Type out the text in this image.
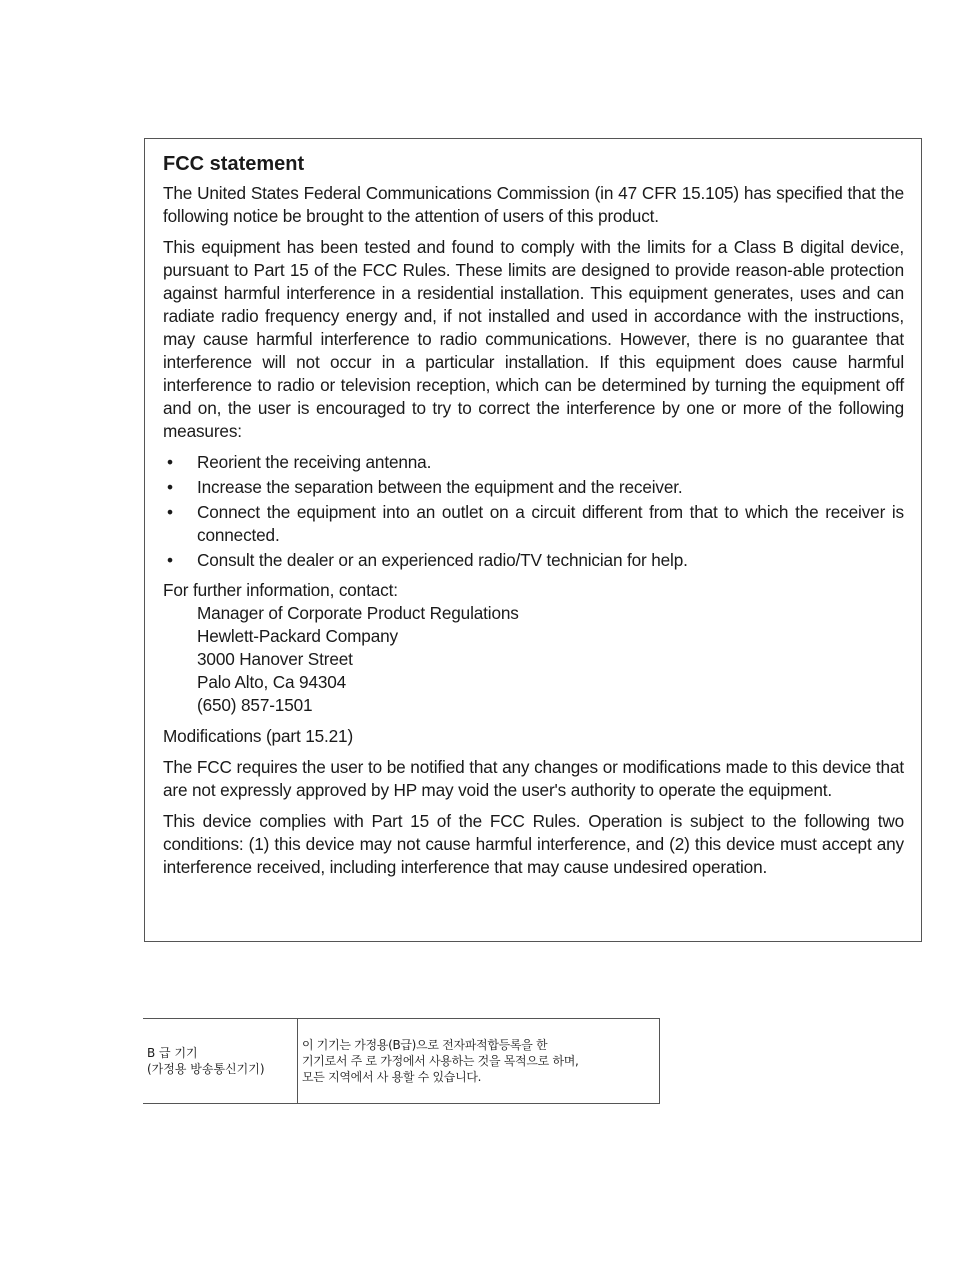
FCC statement

The United States Federal Communications Commission (in 47 CFR 15.105) has specified that the following notice be brought to the attention of users of this product.

This equipment has been tested and found to comply with the limits for a Class B digital device, pursuant to Part 15 of the FCC Rules. These limits are designed to provide reason-able protection against harmful interference in a residential installation. This equipment generates, uses and can radiate radio frequency energy and, if not installed and used in accordance with the instructions, may cause harmful interference to radio communications. However, there is no guarantee that interference will not occur in a particular installation. If this equipment does cause harmful interference to radio or television reception, which can be determined by turning the equipment off and on, the user is encouraged to try to correct the interference by one or more of the following measures:

• Reorient the receiving antenna.
• Increase the separation between the equipment and the receiver.
• Connect the equipment into an outlet on a circuit different from that to which the receiver is connected.
• Consult the dealer or an experienced radio/TV technician for help.

For further information, contact:

Manager of Corporate Product Regulations
Hewlett-Packard Company
3000 Hanover Street
Palo Alto, Ca 94304
(650) 857-1501

Modifications (part 15.21)

The FCC requires the user to be notified that any changes or modifications made to this device that are not expressly approved by HP may void the user's authority to operate the equipment.

This device complies with Part 15 of the FCC Rules. Operation is subject to the following two conditions: (1) this device may not cause harmful interference, and (2) this device must accept any interference received, including interference that may cause undesired operation.

B 급 기기
(가정용 방송통신기기)

이 기기는 가정용(B급)으로 전자파적합등록을 한
기기로서 주 로 가정에서 사용하는 것을 목적으로 하며,
모든 지역에서 사 용할 수 있습니다.
